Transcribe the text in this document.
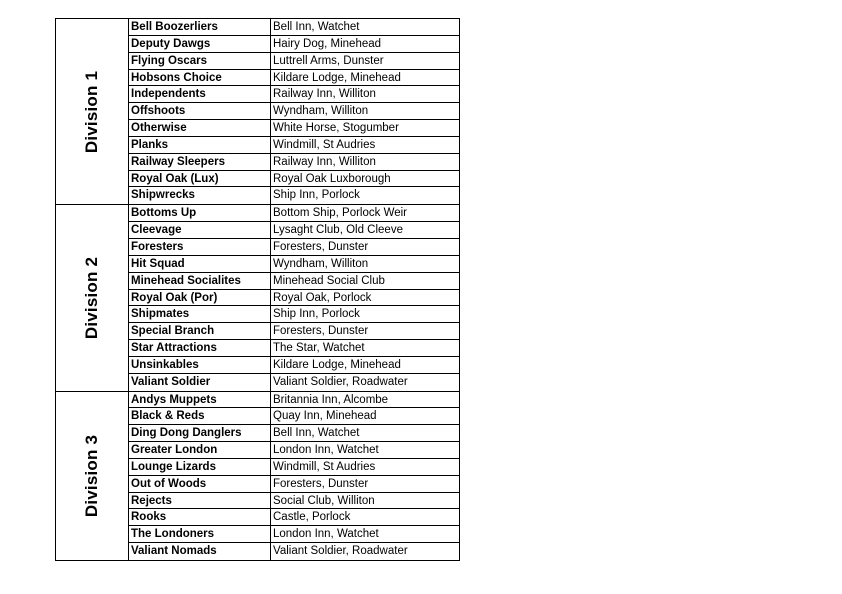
Division 1
Bell Boozerliers	Bell Inn, Watchet
Deputy Dawgs	Hairy Dog, Minehead
Flying Oscars	Luttrell Arms, Dunster
Hobsons Choice	Kildare Lodge, Minehead
Independents	Railway Inn, Williton
Offshoots	Wyndham, Williton
Otherwise	White Horse, Stogumber
Planks	Windmill, St Audries
Railway Sleepers	Railway Inn, Williton
Royal Oak (Lux)	Royal Oak Luxborough
Shipwrecks	Ship Inn, Porlock
Division 2
Bottoms Up	Bottom Ship, Porlock Weir
Cleevage	Lysaght Club, Old Cleeve
Foresters	Foresters, Dunster
Hit Squad	Wyndham, Williton
Minehead Socialites	Minehead Social Club
Royal Oak (Por)	Royal Oak, Porlock
Shipmates	Ship Inn, Porlock
Special Branch	Foresters, Dunster
Star Attractions	The Star, Watchet
Unsinkables	Kildare Lodge, Minehead
Valiant Soldier	Valiant Soldier, Roadwater
Division 3
Andys Muppets	Britannia Inn, Alcombe
Black & Reds	Quay Inn, Minehead
Ding Dong Danglers	Bell Inn, Watchet
Greater London	London Inn, Watchet
Lounge Lizards	Windmill, St Audries
Out of Woods	Foresters, Dunster
Rejects	Social Club, Williton
Rooks	Castle, Porlock
The Londoners	London Inn, Watchet
Valiant Nomads	Valiant Soldier, Roadwater
